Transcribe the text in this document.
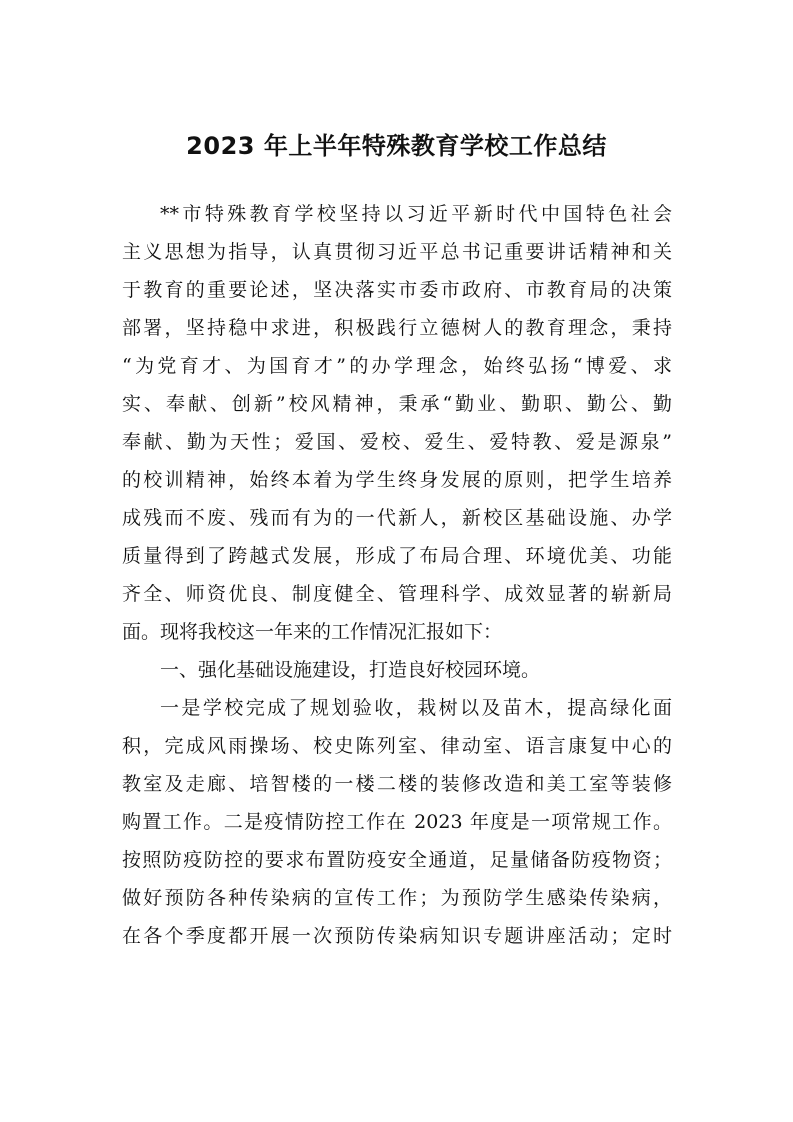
2023 年上半年特殊教育学校工作总结

**市特殊教育学校坚持以习近平新时代中国特色社会

主义思想为指导，认真贯彻习近平总书记重要讲话精神和关

于教育的重要论述，坚决落实市委市政府、市教育局的决策

部署，坚持稳中求进，积极践行立德树人的教育理念，秉持

“为党育才、为国育才”的办学理念，始终弘扬“博爱、求

实、奉献、创新”校风精神，秉承“勤业、勤职、勤公、勤

奉献、勤为天性；爱国、爱校、爱生、爱特教、爱是源泉”

的校训精神，始终本着为学生终身发展的原则，把学生培养

成残而不废、残而有为的一代新人，新校区基础设施、办学

质量得到了跨越式发展，形成了布局合理、环境优美、功能

齐全、师资优良、制度健全、管理科学、成效显著的崭新局

面。现将我校这一年来的工作情况汇报如下：

一、强化基础设施建设，打造良好校园环境。

一是学校完成了规划验收，栽树以及苗木，提高绿化面

积，完成风雨操场、校史陈列室、律动室、语言康复中心的

教室及走廊、培智楼的一楼二楼的装修改造和美工室等装修

购置工作。二是疫情防控工作在 2023 年度是一项常规工作。

按照防疫防控的要求布置防疫安全通道，足量储备防疫物资；

做好预防各种传染病的宣传工作；为预防学生感染传染病，

在各个季度都开展一次预防传染病知识专题讲座活动；定时
